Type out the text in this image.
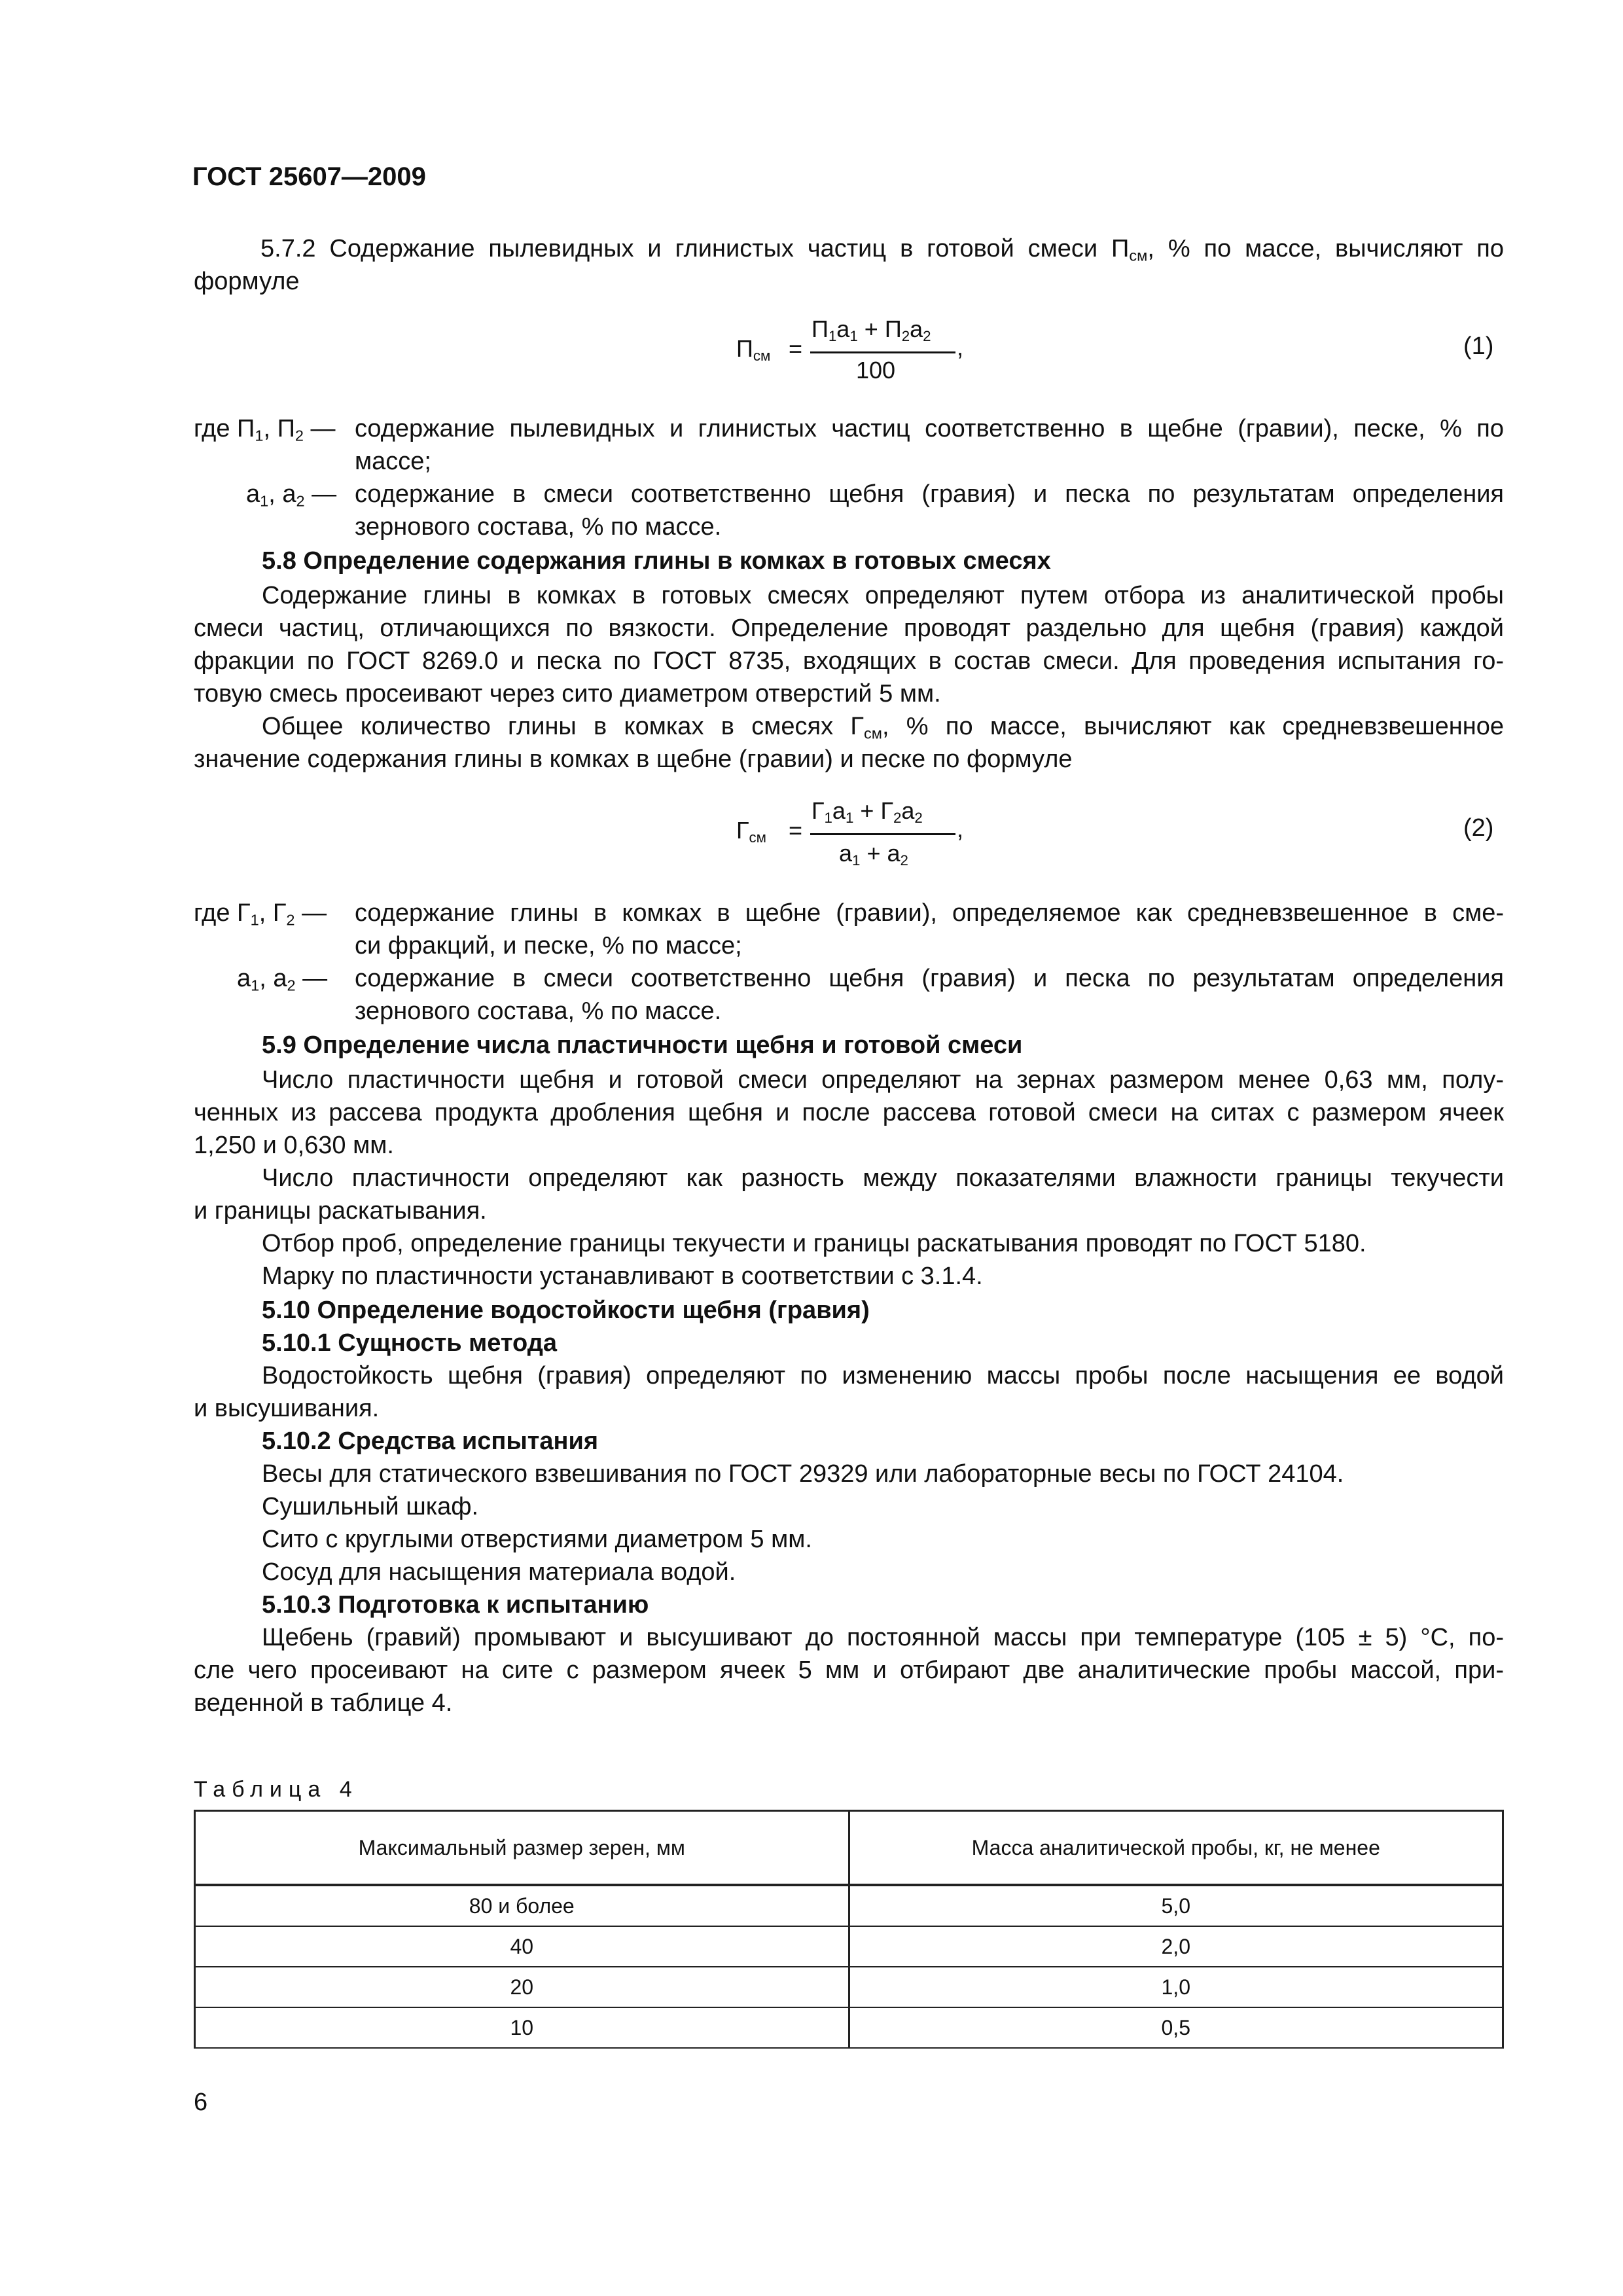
ГОСТ 25607—2009
5.7.2 Содержание пылевидных и глинистых частиц в готовой смеси $П_{см}$, % по массе, вычисляют по
формуле
$П_{см}$ =
$П_1а_1 + П_2а_2$
100
,	(1)
где $П_1$, $П_2$ — содержание пылевидных и глинистых частиц соответственно в щебне (гравии), песке, % по
массе;
$а_1$, $а_2$ — содержание в смеси соответственно щебня (гравия) и песка по результатам определения
зернового состава, % по массе.
5.8 Определение содержания глины в комках в готовых смесях
Содержание глины в комках в готовых смесях определяют путем отбора из аналитической пробы
смеси частиц, отличающихся по вязкости. Определение проводят раздельно для щебня (гравия) каждой
фракции по ГОСТ 8269.0 и песка по ГОСТ 8735, входящих в состав смеси. Для проведения испытания го-
товую смесь просеивают через сито диаметром отверстий 5 мм.
Общее количество глины в комках в смесях $Г_{см}$, % по массе, вычисляют как средневзвешенное
значение содержания глины в комках в щебне (гравии) и песке по формуле
$Г_{см}$ =
$Г_1а_1 + Г_2а_2$
$а_1 + а_2$
,	(2)
где $Г_1$, $Г_2$ — содержание глины в комках в щебне (гравии), определяемое как средневзвешенное в сме-
си фракций, и песке, % по массе;
$а_1$, $а_2$ — содержание в смеси соответственно щебня (гравия) и песка по результатам определения
зернового состава, % по массе.
5.9 Определение числа пластичности щебня и готовой смеси
Число пластичности щебня и готовой смеси определяют на зернах размером менее 0,63 мм, полу-
ченных из рассева продукта дробления щебня и после рассева готовой смеси на ситах с размером ячеек
1,250 и 0,630 мм.
Число пластичности определяют как разность между показателями влажности границы текучести
и границы раскатывания.
Отбор проб, определение границы текучести и границы раскатывания проводят по ГОСТ 5180.
Марку по пластичности устанавливают в соответствии с 3.1.4.
5.10 Определение водостойкости щебня (гравия)
5.10.1 Сущность метода
Водостойкость щебня (гравия) определяют по изменению массы пробы после насыщения ее водой
и высушивания.
5.10.2 Средства испытания
Весы для статического взвешивания по ГОСТ 29329 или лабораторные весы по ГОСТ 24104.
Сушильный шкаф.
Сито с круглыми отверстиями диаметром 5 мм.
Сосуд для насыщения материала водой.
5.10.3 Подготовка к испытанию
Щебень (гравий) промывают и высушивают до постоянной массы при температуре (105 ± 5) °С, по-
сле чего просеивают на сите с размером ячеек 5 мм и отбирают две аналитические пробы массой, при-
веденной в таблице 4.
Таблица 4
Максимальный размер зерен, мм	Масса аналитической пробы, кг, не менее
80 и более	5,0
40	2,0
20	1,0
10	0,5
6
